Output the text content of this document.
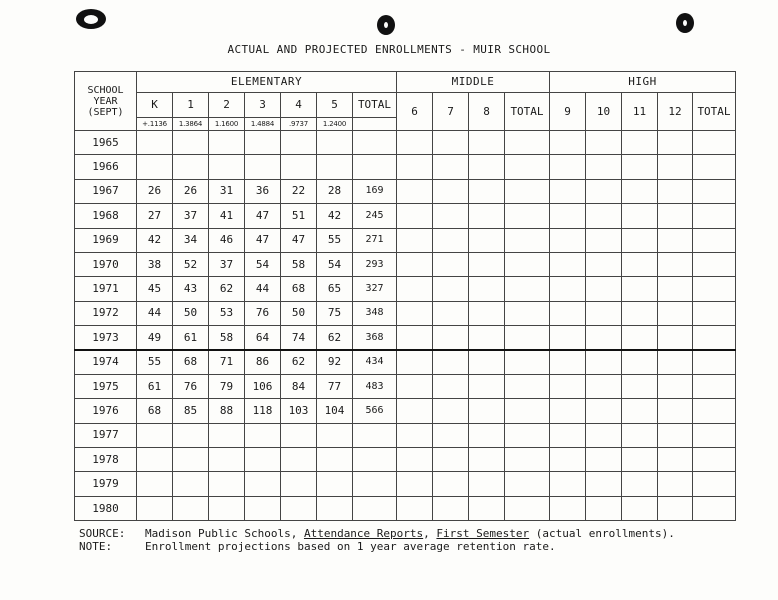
ACTUAL AND PROJECTED ENROLLMENTS - MUIR SCHOOL
SCHOOL YEAR (SEPT)	ELEMENTARY							MIDDLE				HIGH				
	K	1	2	3	4	5	TOTAL	6	7	8	TOTAL	9	10	11	12	TOTAL
	+.1136	1.3864	1.1600	1.4884	.9737	1.2400										
1965																
1966																
1967	26	26	31	36	22	28	169									
1968	27	37	41	47	51	42	245									
1969	42	34	46	47	47	55	271									
1970	38	52	37	54	58	54	293									
1971	45	43	62	44	68	65	327									
1972	44	50	53	76	50	75	348									
1973	49	61	58	64	74	62	368									
1974	55	68	71	86	62	92	434									
1975	61	76	79	106	84	77	483									
1976	68	85	88	118	103	104	566									
1977																
1978																
1979																
1980																
SOURCE:	Madison Public Schools, Attendance Reports, First Semester (actual enrollments).
NOTE:	Enrollment projections based on 1 year average retention rate.
